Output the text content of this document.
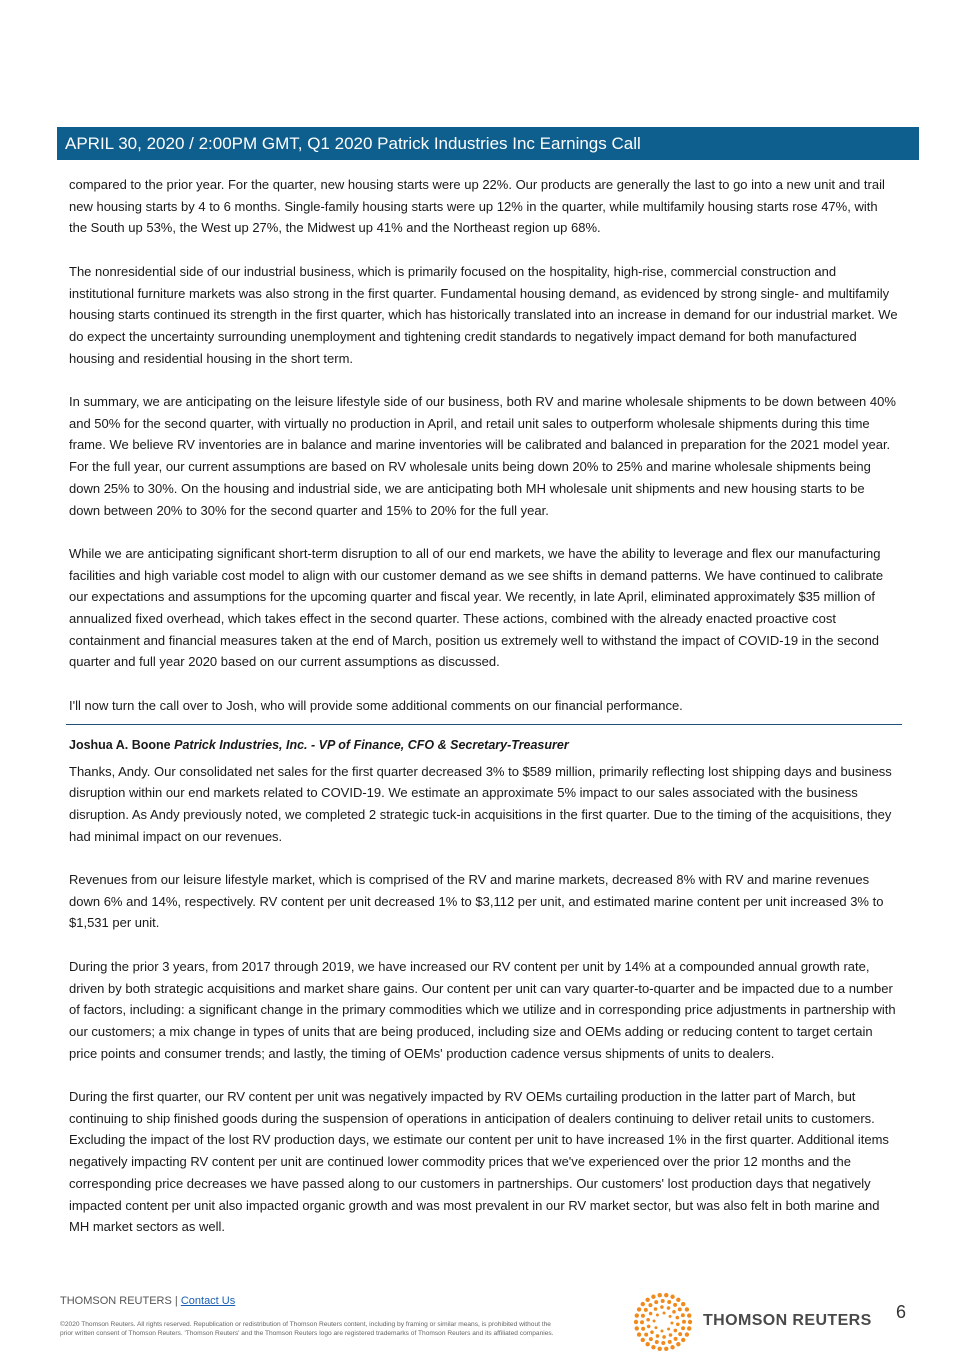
APRIL 30, 2020 / 2:00PM GMT, Q1 2020 Patrick Industries Inc Earnings Call

compared to the prior year. For the quarter, new housing starts were up 22%. Our products are generally the last to go into a new unit and trail new housing starts by 4 to 6 months. Single-family housing starts were up 12% in the quarter, while multifamily housing starts rose 47%, with the South up 53%, the West up 27%, the Midwest up 41% and the Northeast region up 68%.

The nonresidential side of our industrial business, which is primarily focused on the hospitality, high-rise, commercial construction and institutional furniture markets was also strong in the first quarter. Fundamental housing demand, as evidenced by strong single- and multifamily housing starts continued its strength in the first quarter, which has historically translated into an increase in demand for our industrial market. We do expect the uncertainty surrounding unemployment and tightening credit standards to negatively impact demand for both manufactured housing and residential housing in the short term.

In summary, we are anticipating on the leisure lifestyle side of our business, both RV and marine wholesale shipments to be down between 40% and 50% for the second quarter, with virtually no production in April, and retail unit sales to outperform wholesale shipments during this time frame. We believe RV inventories are in balance and marine inventories will be calibrated and balanced in preparation for the 2021 model year. For the full year, our current assumptions are based on RV wholesale units being down 20% to 25% and marine wholesale shipments being down 25% to 30%. On the housing and industrial side, we are anticipating both MH wholesale unit shipments and new housing starts to be down between 20% to 30% for the second quarter and 15% to 20% for the full year.

While we are anticipating significant short-term disruption to all of our end markets, we have the ability to leverage and flex our manufacturing facilities and high variable cost model to align with our customer demand as we see shifts in demand patterns. We have continued to calibrate our expectations and assumptions for the upcoming quarter and fiscal year. We recently, in late April, eliminated approximately $35 million of annualized fixed overhead, which takes effect in the second quarter. These actions, combined with the already enacted proactive cost containment and financial measures taken at the end of March, position us extremely well to withstand the impact of COVID-19 in the second quarter and full year 2020 based on our current assumptions as discussed.

I'll now turn the call over to Josh, who will provide some additional comments on our financial performance.

Joshua A. Boone Patrick Industries, Inc. - VP of Finance, CFO & Secretary-Treasurer

Thanks, Andy. Our consolidated net sales for the first quarter decreased 3% to $589 million, primarily reflecting lost shipping days and business disruption within our end markets related to COVID-19. We estimate an approximate 5% impact to our sales associated with the business disruption. As Andy previously noted, we completed 2 strategic tuck-in acquisitions in the first quarter. Due to the timing of the acquisitions, they had minimal impact on our revenues.

Revenues from our leisure lifestyle market, which is comprised of the RV and marine markets, decreased 8% with RV and marine revenues down 6% and 14%, respectively. RV content per unit decreased 1% to $3,112 per unit, and estimated marine content per unit increased 3% to $1,531 per unit.

During the prior 3 years, from 2017 through 2019, we have increased our RV content per unit by 14% at a compounded annual growth rate, driven by both strategic acquisitions and market share gains. Our content per unit can vary quarter-to-quarter and be impacted due to a number of factors, including: a significant change in the primary commodities which we utilize and in corresponding price adjustments in partnership with our customers; a mix change in types of units that are being produced, including size and OEMs adding or reducing content to target certain price points and consumer trends; and lastly, the timing of OEMs' production cadence versus shipments of units to dealers.

During the first quarter, our RV content per unit was negatively impacted by RV OEMs curtailing production in the latter part of March, but continuing to ship finished goods during the suspension of operations in anticipation of dealers continuing to deliver retail units to customers. Excluding the impact of the lost RV production days, we estimate our content per unit to have increased 1% in the first quarter. Additional items negatively impacting RV content per unit are continued lower commodity prices that we've experienced over the prior 12 months and the corresponding price decreases we have passed along to our customers in partnerships. Our customers' lost production days that negatively impacted content per unit also impacted organic growth and was most prevalent in our RV market sector, but was also felt in both marine and MH market sectors as well.

THOMSON REUTERS | Contact Us
©2020 Thomson Reuters. All rights reserved. Republication or redistribution of Thomson Reuters content, including by framing or similar means, is prohibited without the prior written consent of Thomson Reuters. 'Thomson Reuters' and the Thomson Reuters logo are registered trademarks of Thomson Reuters and its affiliated companies.
THOMSON REUTERS 6
